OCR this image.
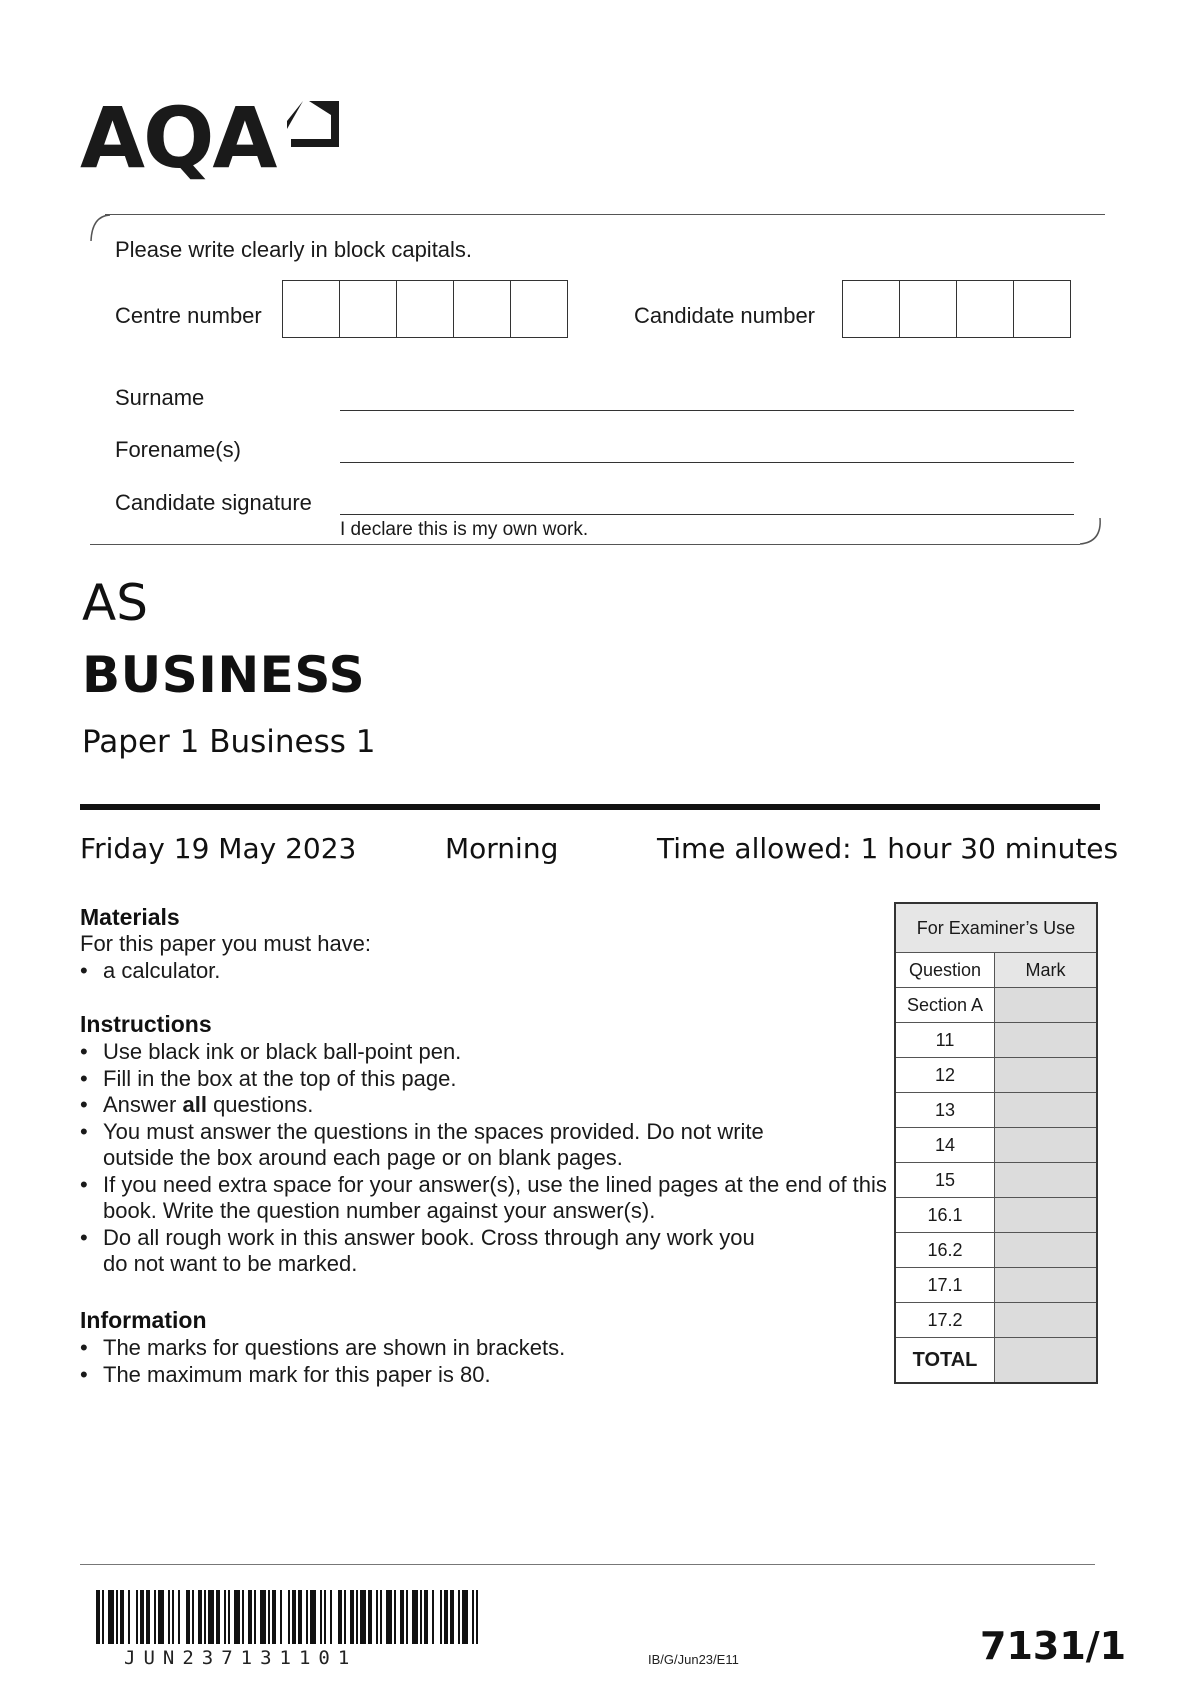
AQA
Please write clearly in block capitals.
Centre number	Candidate number
Surname
Forename(s)
Candidate signature
I declare this is my own work.
AS
BUSINESS
Paper 1 Business 1
Friday 19 May 2023	Morning	Time allowed: 1 hour 30 minutes
Materials
For this paper you must have:
• a calculator.
Instructions
• Use black ink or black ball-point pen.
• Fill in the box at the top of this page.
• Answer all questions.
• You must answer the questions in the spaces provided. Do not write outside the box around each page or on blank pages.
• If you need extra space for your answer(s), use the lined pages at the end of this book. Write the question number against your answer(s).
• Do all rough work in this answer book. Cross through any work you do not want to be marked.
Information
• The marks for questions are shown in brackets.
• The maximum mark for this paper is 80.
For Examiner’s Use
Question	Mark
Section A
11
12
13
14
15
16.1
16.2
17.1
17.2
TOTAL
JUN237131101	IB/G/Jun23/E11	7131/1
